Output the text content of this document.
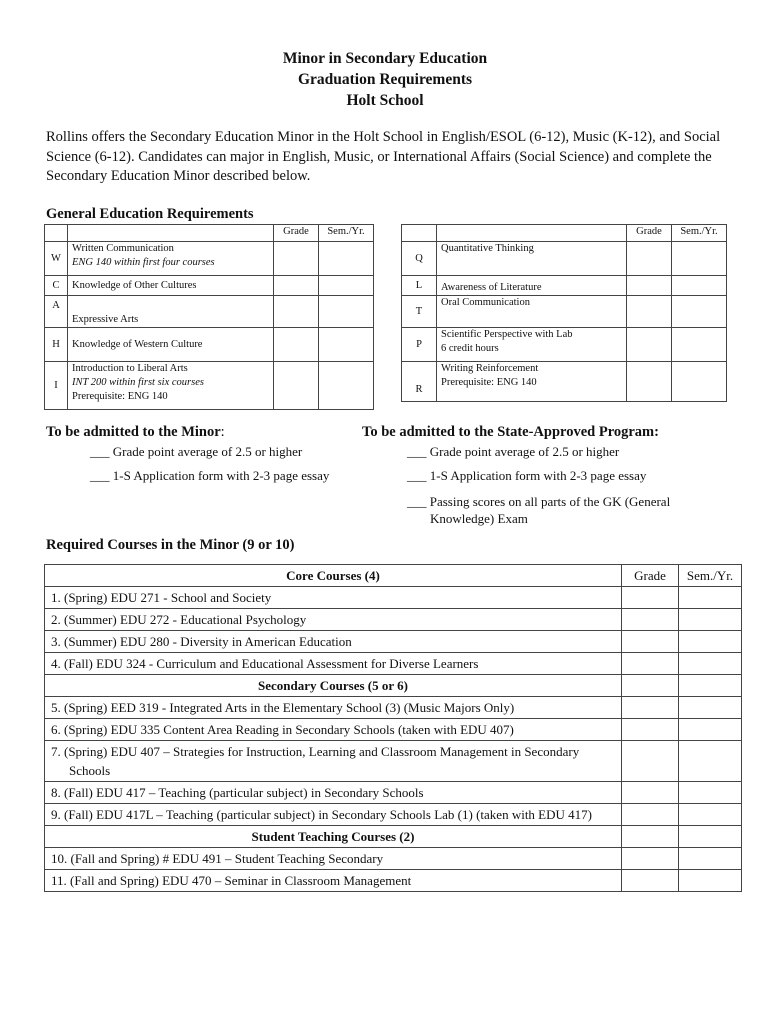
Minor in Secondary Education
Graduation Requirements
Holt School
Rollins offers the Secondary Education Minor in the Holt School in English/ESOL (6-12), Music (K-12), and Social Science (6-12). Candidates can major in English, Music, or International Affairs (Social Science) and complete the Secondary Education Minor described below.
General Education Requirements
		Grade	Sem./Yr.
W	Written Communication
ENG 140 within first four courses		

C	Knowledge of Other Cultures		
A	Expressive Arts		
H	Knowledge of Western Culture		
I	Introduction to Liberal Arts
INT 200 within first six courses
Prerequisite: ENG 140		

		Grade	Sem./Yr.
Q	Quantitative Thinking		
L	Awareness of Literature		
T	Oral Communication		
P	Scientific Perspective with Lab
6 credit hours		

R	Writing Reinforcement
Prerequisite: ENG 140		

To be admitted to the Minor:
___ Grade point average of 2.5 or higher
___ 1-S Application form with 2-3 page essay
To be admitted to the State-Approved Program:
___ Grade point average of 2.5 or higher
___ 1-S Application form with 2-3 page essay
___ Passing scores on all parts of the GK (General
Knowledge) Exam
Required Courses in the Minor (9 or 10)
Core Courses (4)	Grade	Sem./Yr.
1. (Spring) EDU 271 - School and Society		
2. (Summer) EDU 272 - Educational Psychology		
3. (Summer) EDU 280 - Diversity in American Education		
4. (Fall) EDU 324 - Curriculum and Educational Assessment for Diverse Learners		
Secondary Courses (5 or 6)		
5. (Spring) EED 319 - Integrated Arts in the Elementary School (3) (Music Majors Only)		
6. (Spring) EDU 335 Content Area Reading in Secondary Schools (taken with EDU 407)		
7. (Spring) EDU 407 – Strategies for Instruction, Learning and Classroom Management in Secondary Schools		
8. (Fall) EDU 417 – Teaching (particular subject) in Secondary Schools		
9. (Fall) EDU 417L – Teaching (particular subject) in Secondary Schools Lab (1) (taken with EDU 417)		
Student Teaching Courses (2)		
10. (Fall and Spring) # EDU 491 – Student Teaching Secondary		
11. (Fall and Spring) EDU 470 – Seminar in Classroom Management		
